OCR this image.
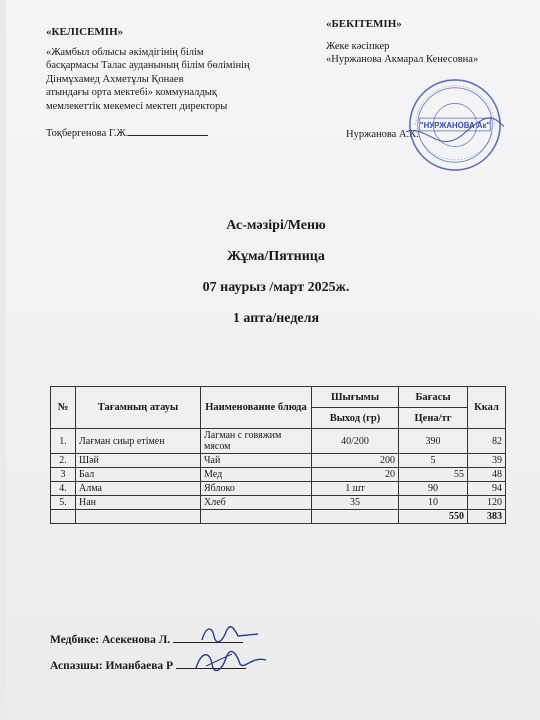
«КЕЛІСЕМІН»
«Жамбыл облысы әкімдігінің білім
басқармасы Талас ауданының білім бөлімінің
Дінмұхамед Ахметұлы Қонаев
атындағы орта мектебі» коммуналдық
мемлекеттік мекемесі мектеп директоры
Тоқбергенова Г.Ж.
«БЕКІТЕМІН»
Жеке кәсіпкер
«Нуржанова Акмарал Кенесовна»
Нуржанова А.К.
"НУРЖАНОВА Ак"
Ас-мәзірі/Меню
Жұма/Пятница
07 наурыз /март 2025ж.
1 апта/неделя
№	Тағамның атауы	Наименование блюда	Шығымы	Бағасы	Ккал
			Выход (гр)	Цена/тг	
1.	Лағман сиыр етімен	Лагман с говяжим мясом	40/200	390	82
2.	Шәй	Чай	200	5	39
3	Бал	Мед	20	55	48
4.	Алма	Яблоко	1 шт	90	94
5.	Нан	Хлеб	35	10	120
				550	383
Медбике: Асекенова Л.
Аспазшы: Иманбаева Р
